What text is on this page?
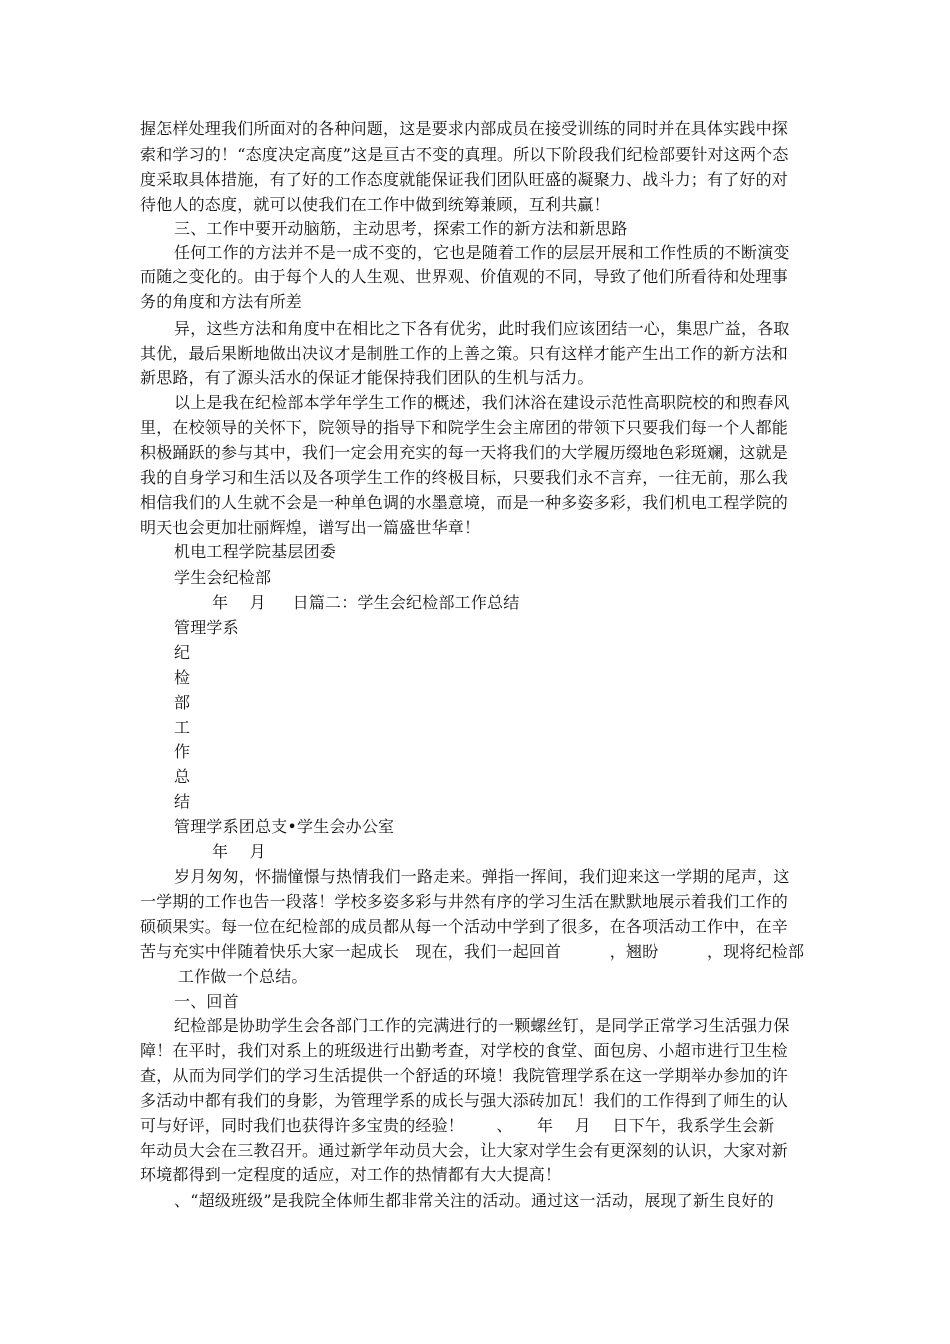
握怎样处理我们所面对的各种问题，这是要求内部成员在接受训练的同时并在具体实践中探
索和学习的！“态度决定高度”这是亘古不变的真理。所以下阶段我们纪检部要针对这两个态
度采取具体措施，有了好的工作态度就能保证我们团队旺盛的凝聚力、战斗力；有了好的对
待他人的态度，就可以使我们在工作中做到统筹兼顾，互利共赢！
三、工作中要开动脑筋，主动思考，探索工作的新方法和新思路
任何工作的方法并不是一成不变的，它也是随着工作的层层开展和工作性质的不断演变
而随之变化的。由于每个人的人生观、世界观、价值观的不同，导致了他们所看待和处理事
务的角度和方法有所差
异，这些方法和角度中在相比之下各有优劣，此时我们应该团结一心，集思广益，各取
其优，最后果断地做出决议才是制胜工作的上善之策。只有这样才能产生出工作的新方法和
新思路，有了源头活水的保证才能保持我们团队的生机与活力。
以上是我在纪检部本学年学生工作的概述，我们沐浴在建设示范性高职院校的和煦春风
里，在校领导的关怀下，院领导的指导下和院学生会主席团的带领下只要我们每一个人都能
积极踊跃的参与其中，我们一定会用充实的每一天将我们的大学履历缀地色彩斑斓，这就是
我的自身学习和生活以及各项学生工作的终极目标，只要我们永不言弃，一往无前，那么我
相信我们的人生就不会是一种单色调的水墨意境，而是一种多姿多彩，我们机电工程学院的
明天也会更加壮丽辉煌，谱写出一篇盛世华章！
机电工程学院基层团委
学生会纪检部
年　 月 　 日篇二：学生会纪检部工作总结
管理学系
纪
检
部
工
作
总
结
管理学系团总支•学生会办公室
年　 月
岁月匆匆，怀揣憧憬与热情我们一路走来。弹指一挥间，我们迎来这一学期的尾声，这
一学期的工作也告一段落！学校多姿多彩与井然有序的学习生活在默默地展示着我们工作的
硕硕果实。每一位在纪检部的成员都从每一个活动中学到了很多，在各项活动工作中，在辛
苦与充实中伴随着快乐大家一起成长　现在，我们一起回首　　　，翘盼　　　，现将纪检部
工作做一个总结。
一、回首
纪检部是协助学生会各部门工作的完满进行的一颗螺丝钉，是同学正常学习生活强力保
障！在平时，我们对系上的班级进行出勤考查，对学校的食堂、面包房、小超市进行卫生检
查，从而为同学们的学习生活提供一个舒适的环境！我院管理学系在这一学期举办参加的许
多活动中都有我们的身影，为管理学系的成长与强大添砖加瓦！我们的工作得到了师生的认
可与好评，同时我们也获得许多宝贵的经验！　　、　　年　 月　 日下午，我系学生会新
年动员大会在三教召开。通过新学年动员大会，让大家对学生会有更深刻的认识，大家对新
环境都得到一定程度的适应，对工作的热情都有大大提高！
、“超级班级”是我院全体师生都非常关注的活动。通过这一活动，展现了新生良好的
